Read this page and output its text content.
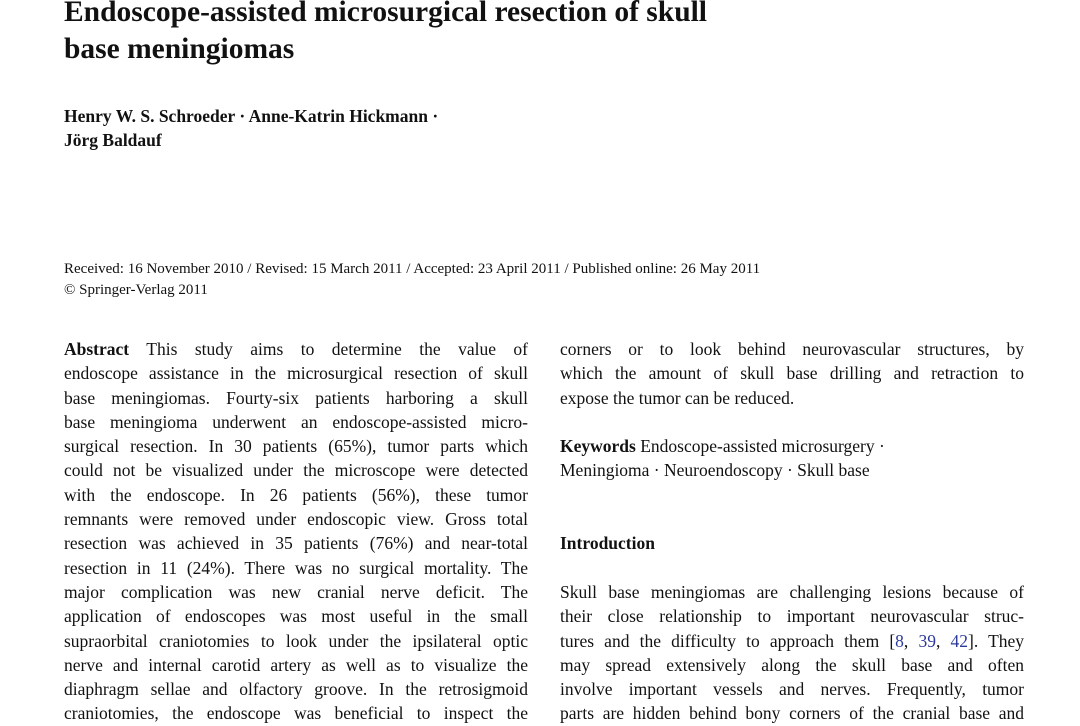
Endoscope-assisted microsurgical resection of skull
base meningiomas
Henry W. S. Schroeder · Anne-Katrin Hickmann ·
Jörg Baldauf
Received: 16 November 2010 / Revised: 15 March 2011 / Accepted: 23 April 2011 / Published online: 26 May 2011
© Springer-Verlag 2011
Abstract This study aims to determine the value of
endoscope assistance in the microsurgical resection of skull
base meningiomas. Fourty-six patients harboring a skull
base meningioma underwent an endoscope-assisted micro-
surgical resection. In 30 patients (65%), tumor parts which
could not be visualized under the microscope were detected
with the endoscope. In 26 patients (56%), these tumor
remnants were removed under endoscopic view. Gross total
resection was achieved in 35 patients (76%) and near-total
resection in 11 (24%). There was no surgical mortality. The
major complication was new cranial nerve deficit. The
application of endoscopes was most useful in the small
supraorbital craniotomies to look under the ipsilateral optic
nerve and internal carotid artery as well as to visualize the
diaphragm sellae and olfactory groove. In the retrosigmoid
craniotomies, the endoscope was beneficial to inspect the
corners or to look behind neurovascular structures, by
which the amount of skull base drilling and retraction to
expose the tumor can be reduced.
Keywords Endoscope-assisted microsurgery ·
Meningioma · Neuroendoscopy · Skull base
Introduction
Skull base meningiomas are challenging lesions because of
their close relationship to important neurovascular struc-
tures and the difficulty to approach them [8, 39, 42]. They
may spread extensively along the skull base and often
involve important vessels and nerves. Frequently, tumor
parts are hidden behind bony corners of the cranial base and
